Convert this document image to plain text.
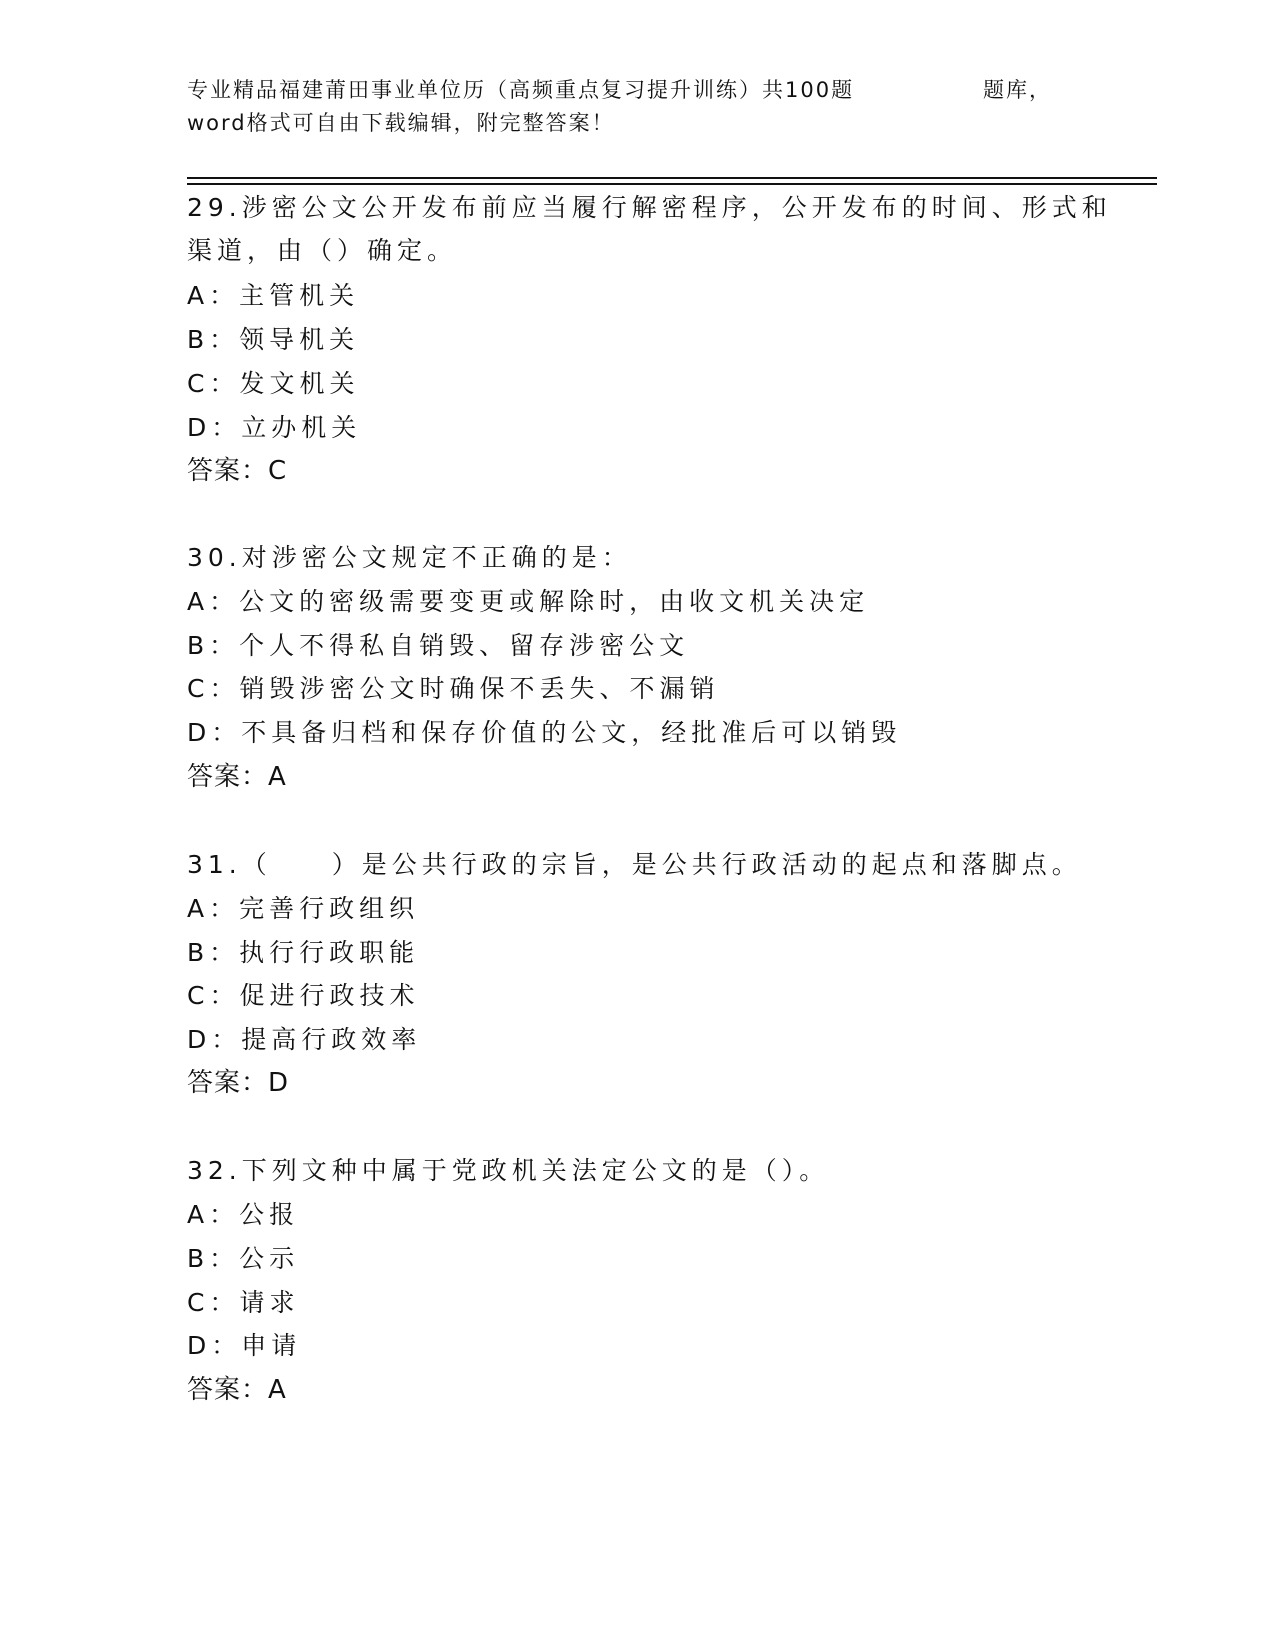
专业精品福建莆田事业单位历（高频重点复习提升训练）共100题	题库，
word格式可自由下载编辑，附完整答案！
29.涉密公文公开发布前应当履行解密程序，公开发布的时间、形式和
渠道，由（）确定。
A：主管机关
B：领导机关
C：发文机关
D：立办机关
答案：C
30.对涉密公文规定不正确的是：
A：公文的密级需要变更或解除时，由收文机关决定
B：个人不得私自销毁、留存涉密公文
C：销毁涉密公文时确保不丢失、不漏销
D：不具备归档和保存价值的公文，经批准后可以销毁
答案：A
31.（　　）是公共行政的宗旨，是公共行政活动的起点和落脚点。
A：完善行政组织
B：执行行政职能
C：促进行政技术
D：提高行政效率
答案：D
32.下列文种中属于党政机关法定公文的是（）。
A：公报
B：公示
C：请求
D：申请
答案：A
